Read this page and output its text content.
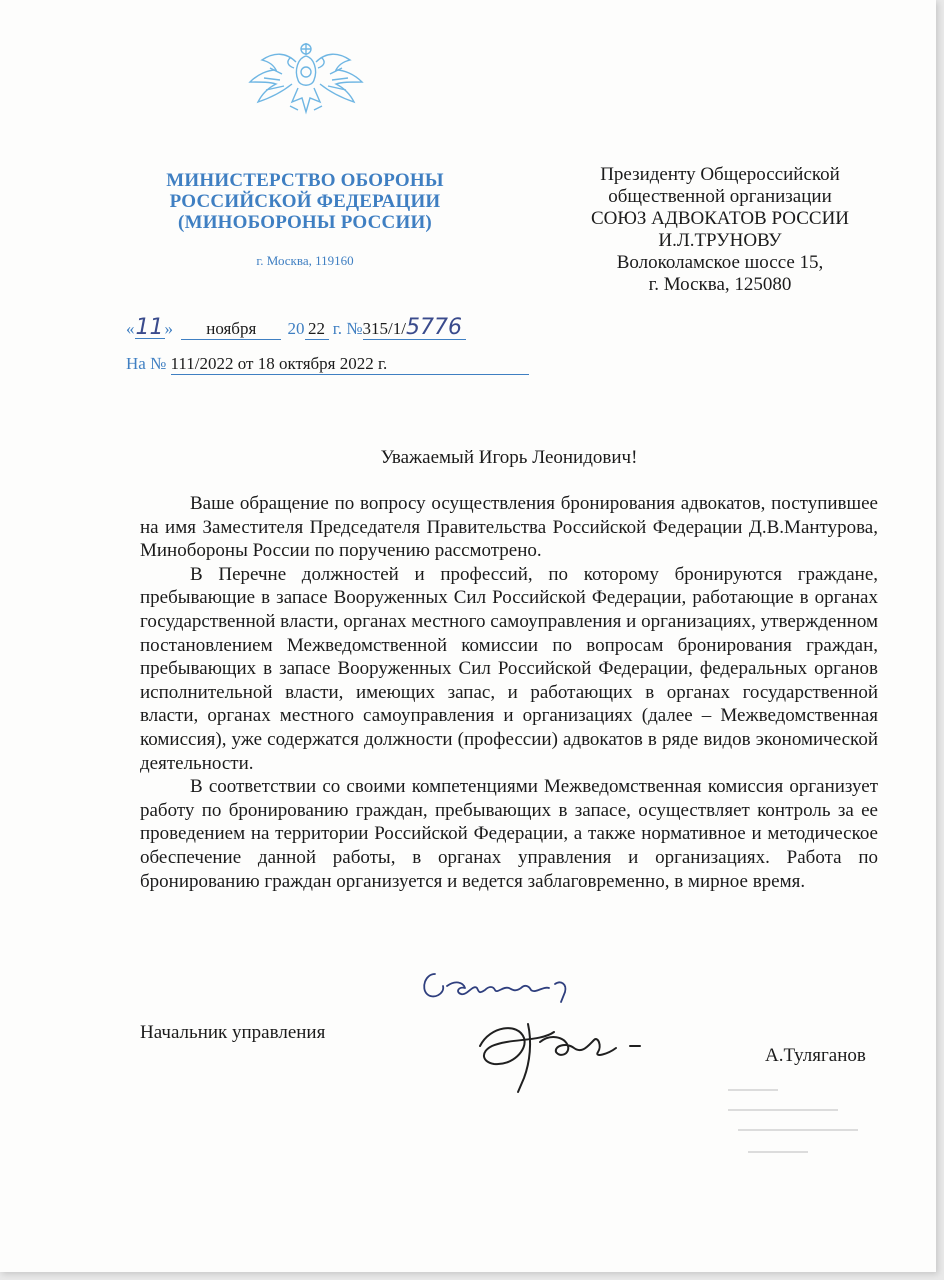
МИНИСТЕРСТВО ОБОРОНЫ
РОССИЙСКОЙ ФЕДЕРАЦИИ
(МИНОБОРОНЫ РОССИИ)
г. Москва, 119160
Президенту Общероссийской
общественной организации
СОЮЗ АДВОКАТОВ РОССИИ
И.Л.ТРУНОВУ
Волоколамское шоссе 15,
г. Москва, 125080
«11» ноября 20 22 г. №315/1/5776
На № 111/2022 от 18 октября 2022 г.
Уважаемый Игорь Леонидович!

Ваше обращение по вопросу осуществления бронирования адвокатов, поступившее на имя Заместителя Председателя Правительства Российской Федерации Д.В.Мантурова, Минобороны России по поручению рассмотрено.

В Перечне должностей и профессий, по которому бронируются граждане, пребывающие в запасе Вооруженных Сил Российской Федерации, работающие в органах государственной власти, органах местного самоуправления и организациях, утвержденном постановлением Межведомственной комиссии по вопросам бронирования граждан, пребывающих в запасе Вооруженных Сил Российской Федерации, федеральных органов исполнительной власти, имеющих запас, и работающих в органах государственной власти, органах местного самоуправления и организациях (далее – Межведомственная комиссия), уже содержатся должности (профессии) адвокатов в ряде видов экономической деятельности.

В соответствии со своими компетенциями Межведомственная комиссия организует работу по бронированию граждан, пребывающих в запасе, осуществляет контроль за ее проведением на территории Российской Федерации, а также нормативное и методическое обеспечение данной работы, в органах управления и организациях. Работа по бронированию граждан организуется и ведется заблаговременно, в мирное время.

Начальник управления
А.Туляганов
